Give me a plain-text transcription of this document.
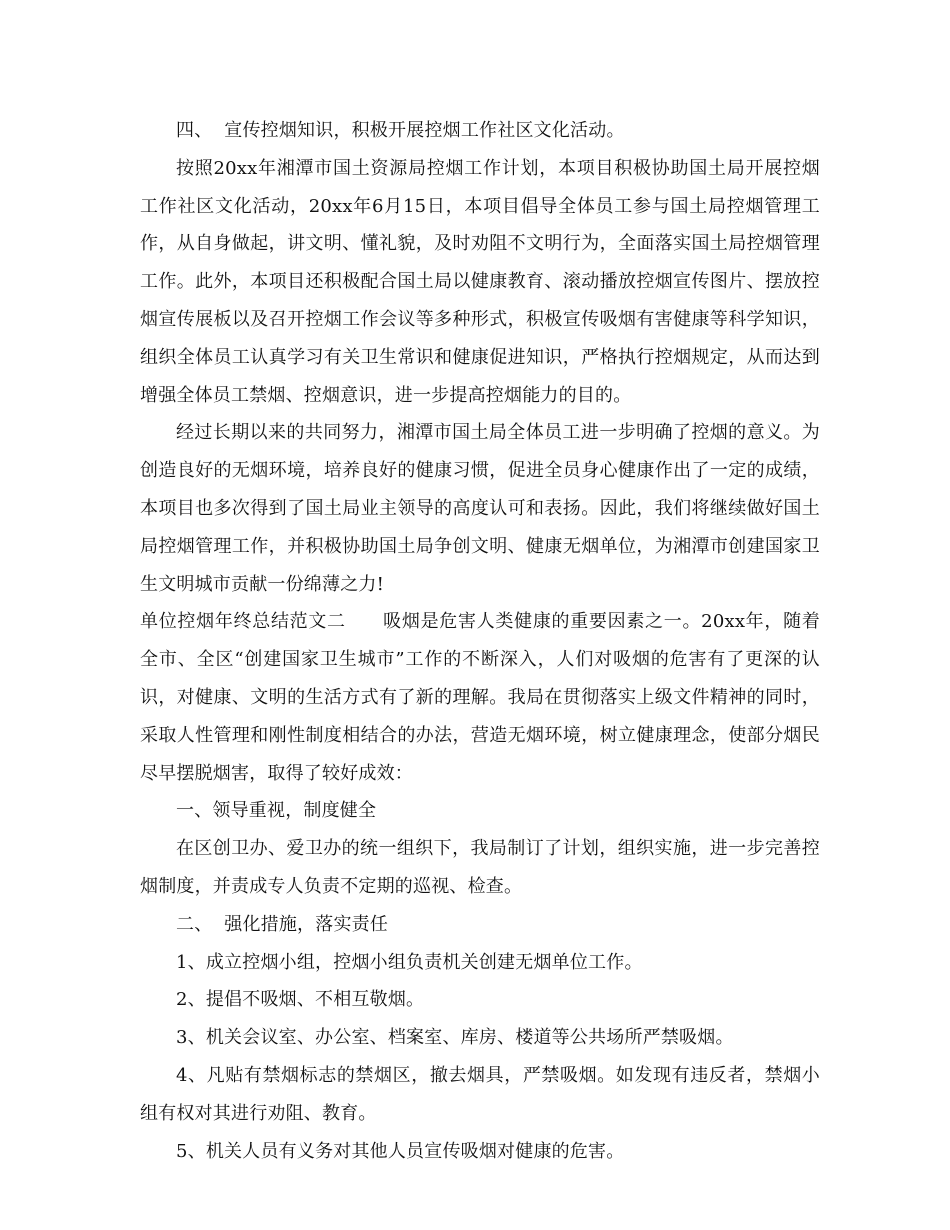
四、  宣传控烟知识，积极开展控烟工作社区文化活动。

按照20xx年湘潭市国土资源局控烟工作计划，本项目积极协助国土局开展控烟工作社区文化活动，20xx年6月15日，本项目倡导全体员工参与国土局控烟管理工作，从自身做起，讲文明、懂礼貌，及时劝阻不文明行为，全面落实国土局控烟管理工作。此外，本项目还积极配合国土局以健康教育、滚动播放控烟宣传图片、摆放控烟宣传展板以及召开控烟工作会议等多种形式，积极宣传吸烟有害健康等科学知识，组织全体员工认真学习有关卫生常识和健康促进知识，严格执行控烟规定，从而达到增强全体员工禁烟、控烟意识，进一步提高控烟能力的目的。

经过长期以来的共同努力，湘潭市国土局全体员工进一步明确了控烟的意义。为创造良好的无烟环境，培养良好的健康习惯，促进全员身心健康作出了一定的成绩，本项目也多次得到了国土局业主领导的高度认可和表扬。因此，我们将继续做好国土局控烟管理工作，并积极协助国土局争创文明、健康无烟单位，为湘潭市创建国家卫生文明城市贡献一份绵薄之力!

单位控烟年终总结范文二　　吸烟是危害人类健康的重要因素之一。20xx年，随着全市、全区“创建国家卫生城市”工作的不断深入，人们对吸烟的危害有了更深的认识，对健康、文明的生活方式有了新的理解。我局在贯彻落实上级文件精神的同时，采取人性管理和刚性制度相结合的办法，营造无烟环境，树立健康理念，使部分烟民尽早摆脱烟害，取得了较好成效：

一、领导重视，制度健全

在区创卫办、爱卫办的统一组织下，我局制订了计划，组织实施，进一步完善控烟制度，并责成专人负责不定期的巡视、检查。

二、  强化措施，落实责任

1、成立控烟小组，控烟小组负责机关创建无烟单位工作。

2、提倡不吸烟、不相互敬烟。

3、机关会议室、办公室、档案室、库房、楼道等公共场所严禁吸烟。

4、凡贴有禁烟标志的禁烟区，撤去烟具，严禁吸烟。如发现有违反者，禁烟小组有权对其进行劝阻、教育。

5、机关人员有义务对其他人员宣传吸烟对健康的危害。
